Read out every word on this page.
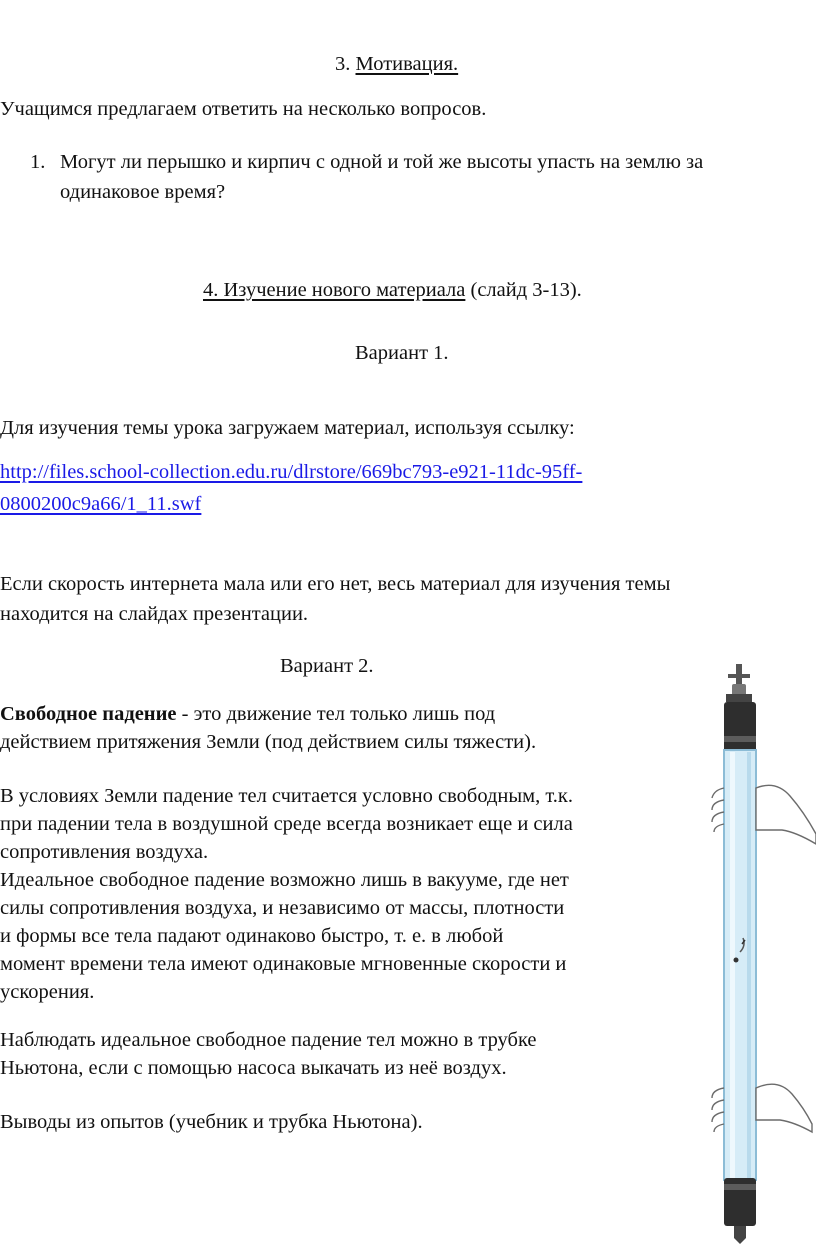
3. Мотивация.
Учащимся предлагаем ответить на несколько вопросов.
1. Могут ли перышко и кирпич с одной и той же высоты упасть на землю за
одинаковое время?
4. Изучение нового материала (слайд 3-13).
Вариант 1.
Для изучения темы урока загружаем материал, используя ссылку:
http://files.school-collection.edu.ru/dlrstore/669bc793-e921-11dc-95ff-
0800200c9a66/1_11.swf
Если скорость интернета мала или его нет, весь материал для изучения темы
находится на слайдах презентации.
Вариант 2.
Свободное падение - это движение тел только лишь под
действием притяжения Земли (под действием силы тяжести).
В условиях Земли падение тел считается условно свободным, т.к.
при падении тела в воздушной среде всегда возникает еще и сила
сопротивления воздуха.
Идеальное свободное падение возможно лишь в вакууме, где нет
силы сопротивления воздуха, и независимо от массы, плотности
и формы все тела падают одинаково быстро, т. е. в любой
момент времени тела имеют одинаковые мгновенные скорости и
ускорения.
Наблюдать идеальное свободное падение тел можно в трубке
Ньютона, если с помощью насоса выкачать из неё воздух.
Выводы из опытов (учебник и трубка Ньютона).
